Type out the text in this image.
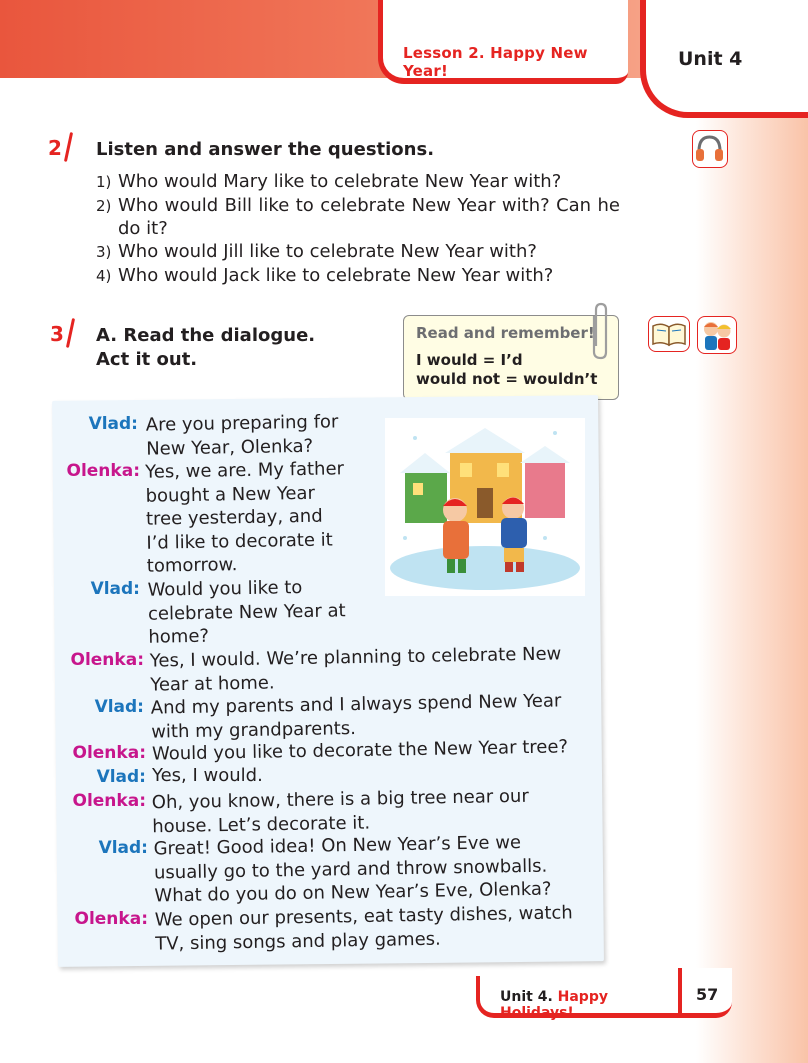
Lesson 2. Happy New Year!
Unit 4
2 Listen and answer the questions.
1) Who would Mary like to celebrate New Year with?
2) Who would Bill like to celebrate New Year with? Can he do it?
3) Who would Jill like to celebrate New Year with?
4) Who would Jack like to celebrate New Year with?
3 A. Read the dialogue.
Act it out.
Read and remember!
I would = I’d
would not = wouldn’t
Vlad: Are you preparing for
New Year, Olenka?
Olenka: Yes, we are. My father
bought a New Year
tree yesterday, and
I’d like to decorate it
tomorrow.
Vlad: Would you like to
celebrate New Year at
home?
Olenka: Yes, I would. We’re planning to celebrate New
Year at home.
Vlad: And my parents and I always spend New Year
with my grandparents.
Olenka: Would you like to decorate the New Year tree?
Vlad: Yes, I would.
Olenka: Oh, you know, there is a big tree near our
house. Let’s decorate it.
Vlad: Great! Good idea! On New Year’s Eve we
usually go to the yard and throw snowballs.
What do you do on New Year’s Eve, Olenka?
Olenka: We open our presents, eat tasty dishes, watch
TV, sing songs and play games.
Unit 4. Happy Holidays!
57
